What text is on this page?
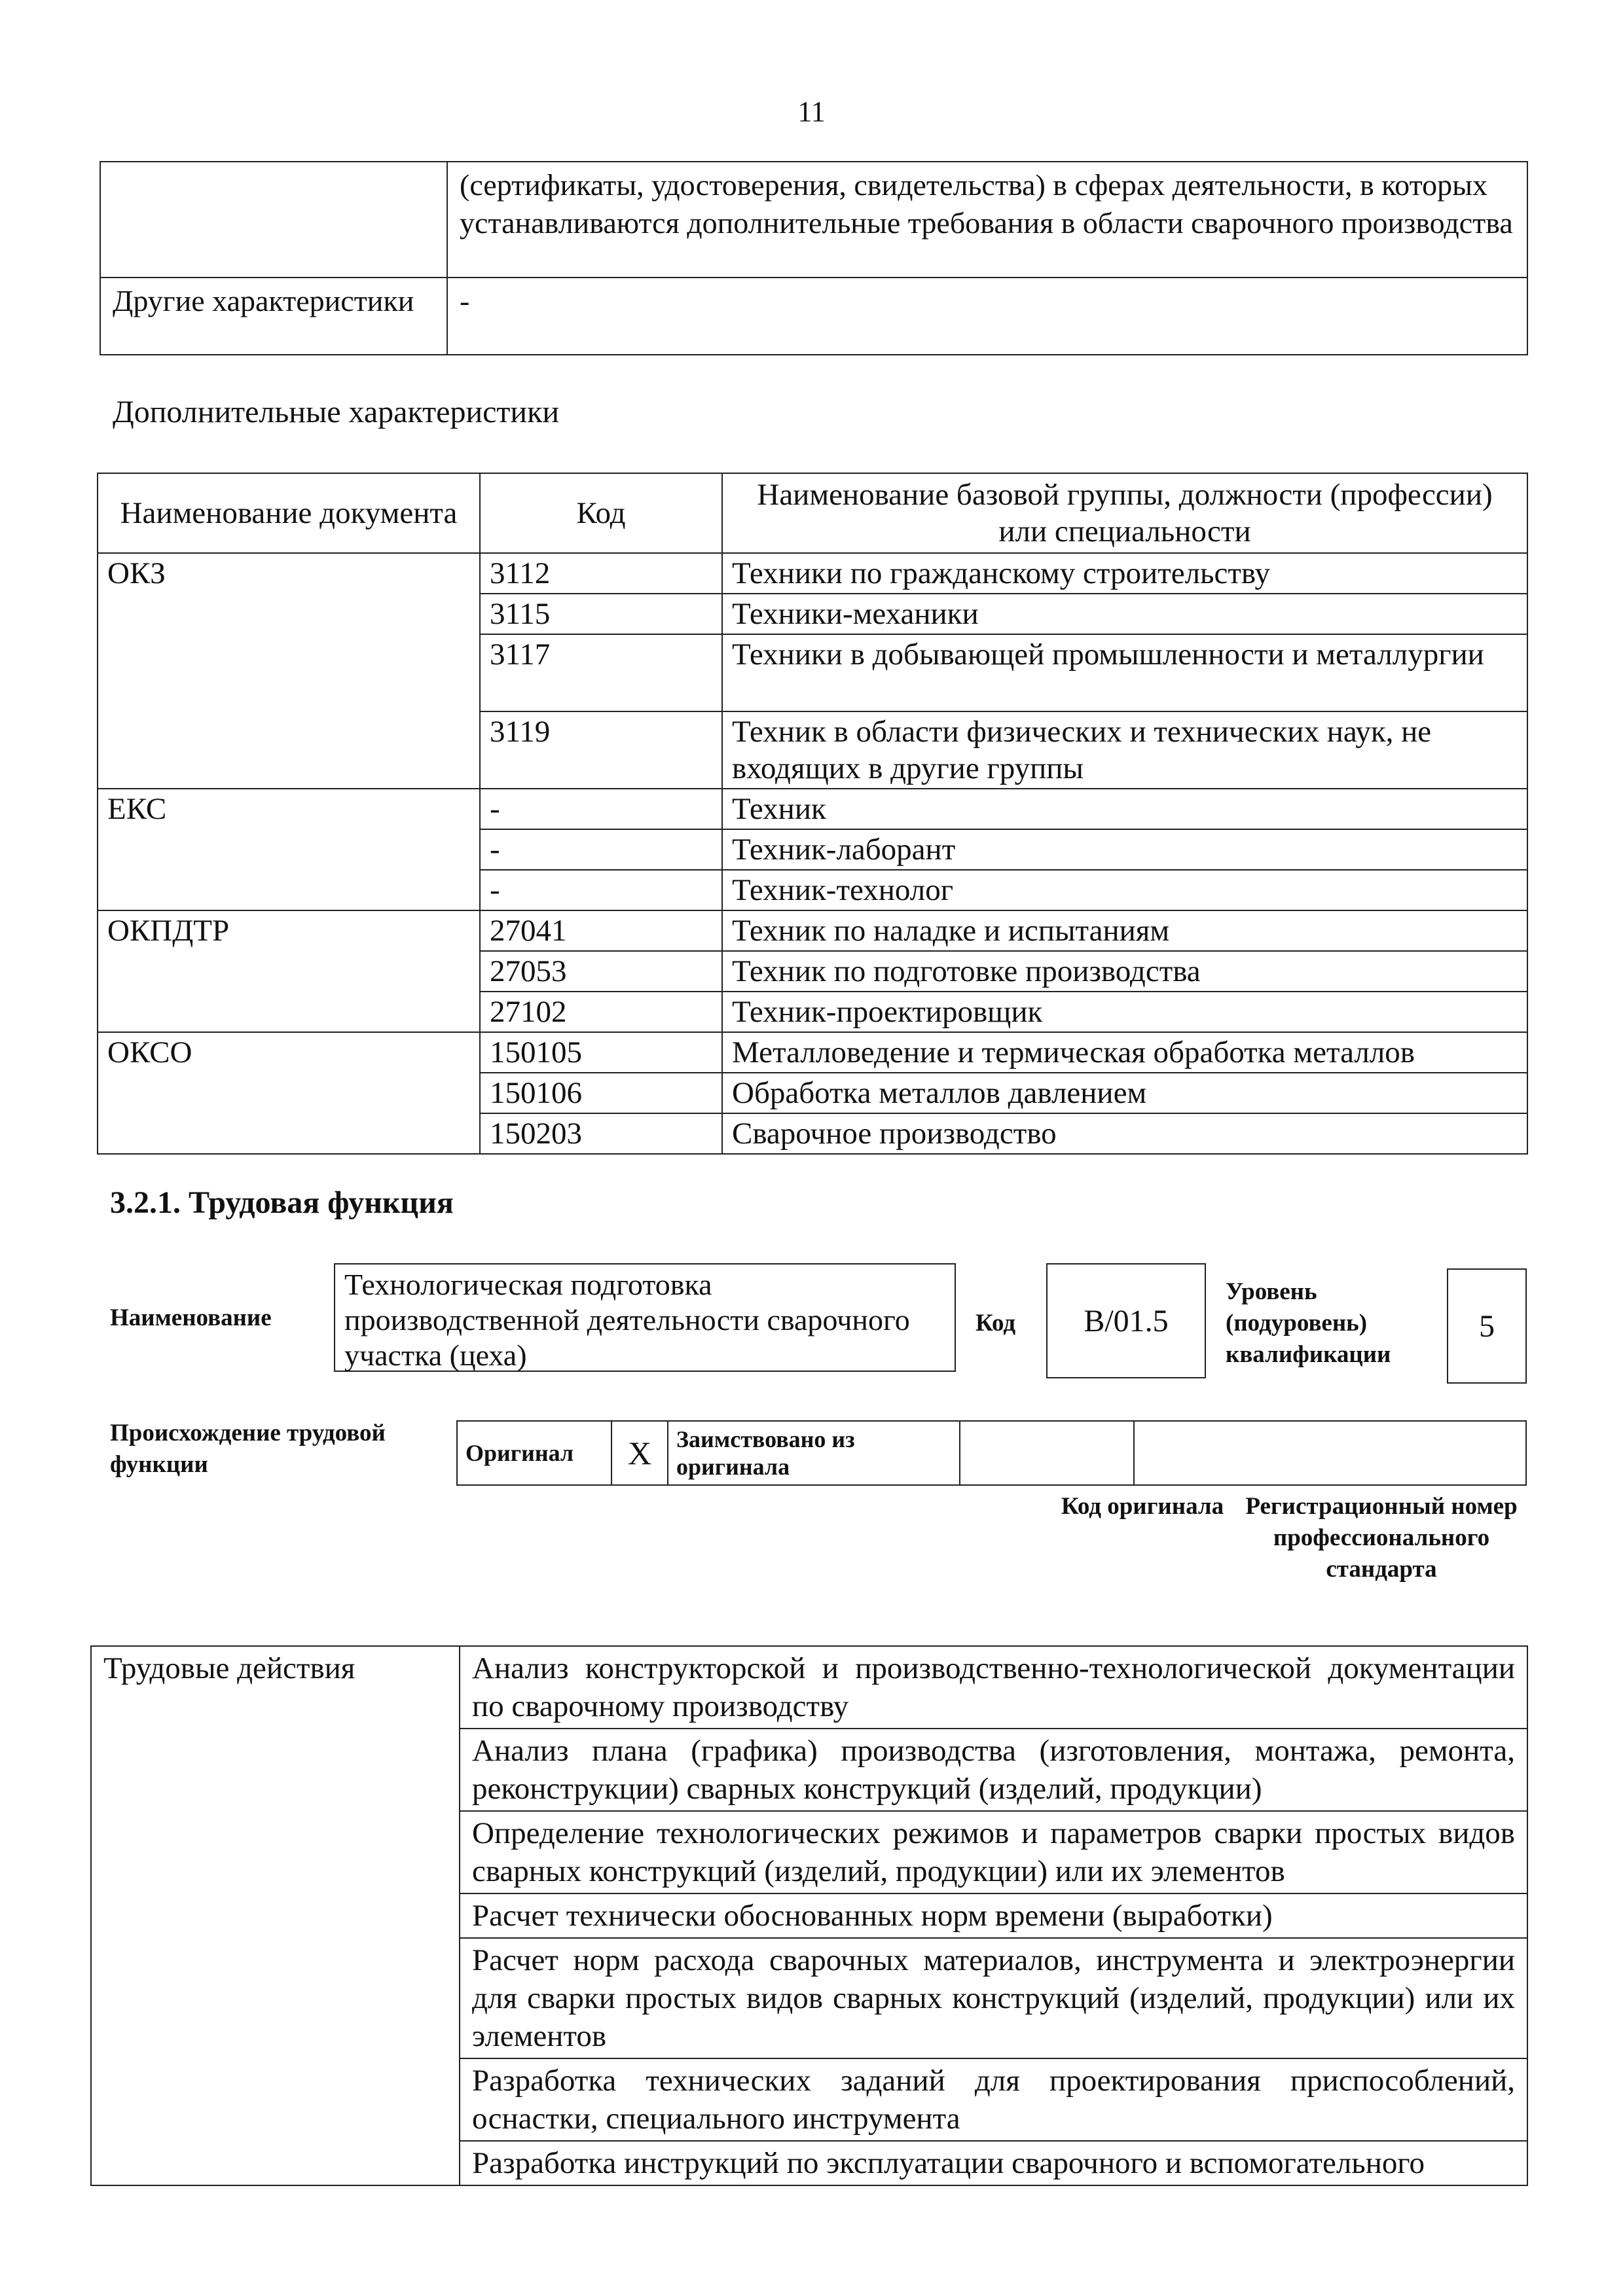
11
	(сертификаты, удостоверения, свидетельства) в сферах деятельности, в которых устанавливаются дополнительные требования в области сварочного производства
Другие характеристики	-
Дополнительные характеристики
Наименование документа	Код	Наименование базовой группы, должности (профессии) или специальности
ОКЗ	3112	Техники по гражданскому строительству
	3115	Техники-механики
	3117	Техники в добывающей промышленности и металлургии
	3119	Техник в области физических и технических наук, не входящих в другие группы
ЕКС	-	Техник
	-	Техник-лаборант
	-	Техник-технолог
ОКПДТР	27041	Техник по наладке и испытаниям
	27053	Техник по подготовке производства
	27102	Техник-проектировщик
ОКСО	150105	Металловедение и термическая обработка металлов
	150106	Обработка металлов давлением
	150203	Сварочное производство
3.2.1. Трудовая функция
Наименование
Технологическая подготовка производственной деятельности сварочного участка (цеха)
Код В/01.5
Уровень (подуровень) квалификации
5
Происхождение трудовой функции	Оригинал	X	Заимствовано из оригинала		
Код оригинала Регистрационный номер профессионального стандарта
Трудовые действия	Анализ конструкторской и производственно-технологической документации по сварочному производству
Анализ плана (графика) производства (изготовления, монтажа, ремонта, реконструкции) сварных конструкций (изделий, продукции)
Определение технологических режимов и параметров сварки простых видов сварных конструкций (изделий, продукции) или их элементов
Расчет технически обоснованных норм времени (выработки)
Расчет норм расхода сварочных материалов, инструмента и электроэнергии для сварки простых видов сварных конструкций (изделий, продукции) или их элементов
Разработка технических заданий для проектирования приспособлений, оснастки, специального инструмента
Разработка инструкций по эксплуатации сварочного и вспомогательного
